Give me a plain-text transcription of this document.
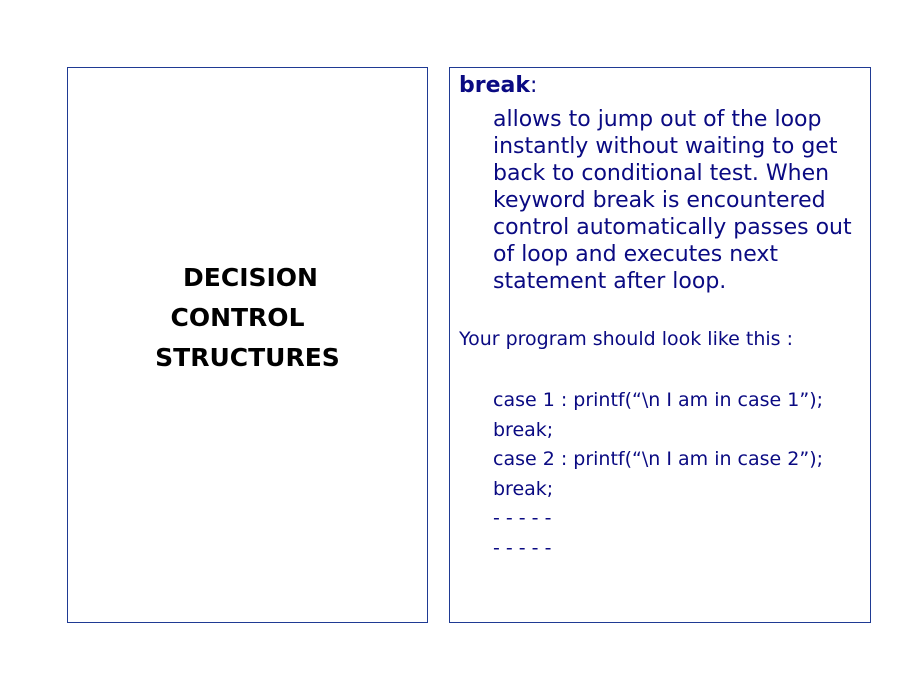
DECISION
CONTROL
STRUCTURES
break:
allows to jump out of the loop
instantly without waiting to get
back to conditional test. When
keyword break is encountered
control automatically passes out
of loop and executes next
statement after loop.
Your program should look like this :
case 1 : printf(“\n I am in case 1”);
break;
case 2 : printf(“\n I am in case 2”);
break;
- - - - -
- - - - -
